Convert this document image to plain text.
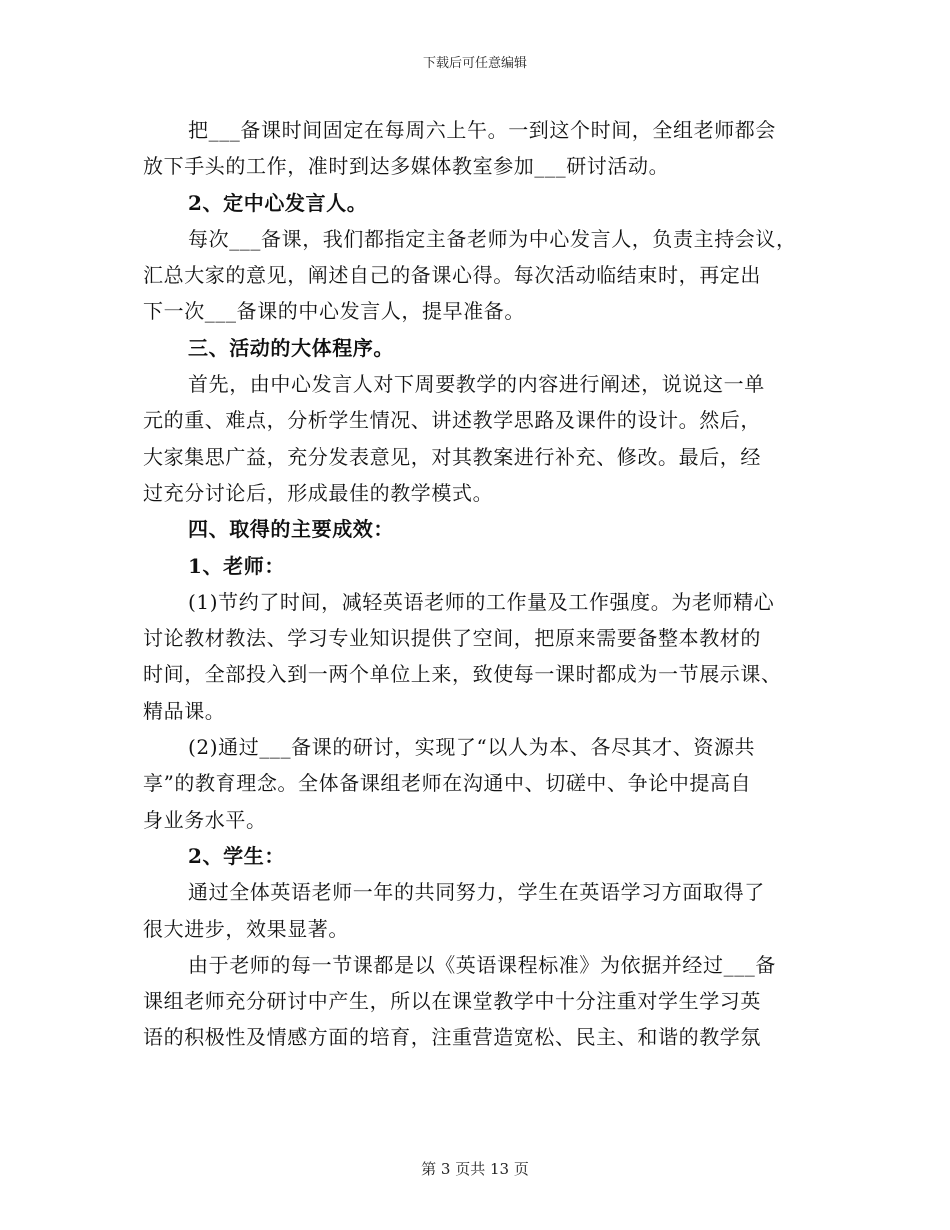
下载后可任意编辑
把___备课时间固定在每周六上午。一到这个时间，全组老师都会
放下手头的工作，准时到达多媒体教室参加___研讨活动。
2、定中心发言人。
每次___备课，我们都指定主备老师为中心发言人，负责主持会议，
汇总大家的意见，阐述自己的备课心得。每次活动临结束时，再定出
下一次___备课的中心发言人，提早准备。
三、活动的大体程序。
首先，由中心发言人对下周要教学的内容进行阐述，说说这一单
元的重、难点，分析学生情况、讲述教学思路及课件的设计。然后，
大家集思广益，充分发表意见，对其教案进行补充、修改。最后，经
过充分讨论后，形成最佳的教学模式。
四、取得的主要成效：
1、老师：
(1)节约了时间，减轻英语老师的工作量及工作强度。为老师精心
讨论教材教法、学习专业知识提供了空间，把原来需要备整本教材的
时间，全部投入到一两个单位上来，致使每一课时都成为一节展示课、
精品课。
(2)通过___备课的研讨，实现了“以人为本、各尽其才、资源共
享”的教育理念。全体备课组老师在沟通中、切磋中、争论中提高自
身业务水平。
2、学生：
通过全体英语老师一年的共同努力，学生在英语学习方面取得了
很大进步，效果显著。
由于老师的每一节课都是以《英语课程标准》为依据并经过___备
课组老师充分研讨中产生，所以在课堂教学中十分注重对学生学习英
语的积极性及情感方面的培育，注重营造宽松、民主、和谐的教学氛
第 3 页共 13 页
